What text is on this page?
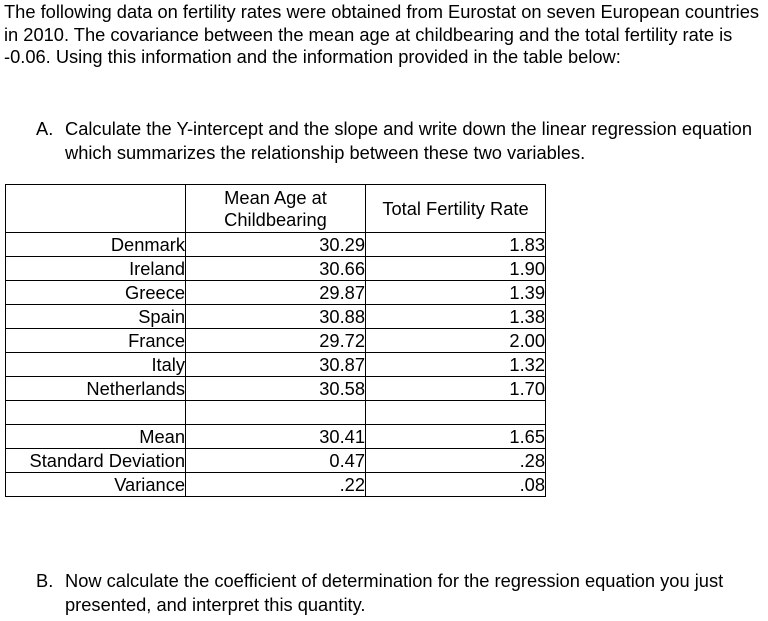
The following data on fertility rates were obtained from Eurostat on seven European countries in 2010. The covariance between the mean age at childbearing and the total fertility rate is -0.06. Using this information and the information provided in the table below:

A. Calculate the Y-intercept and the slope and write down the linear regression equation which summarizes the relationship between these two variables.
	Mean Age at Childbearing	Total Fertility Rate
Denmark	30.29	1.83
Ireland	30.66	1.90
Greece	29.87	1.39
Spain	30.88	1.38
France	29.72	2.00
Italy	30.87	1.32
Netherlands	30.58	1.70

Mean	30.41	1.65
Standard Deviation	0.47	.28
Variance	.22	.08
B. Now calculate the coefficient of determination for the regression equation you just presented, and interpret this quantity.
